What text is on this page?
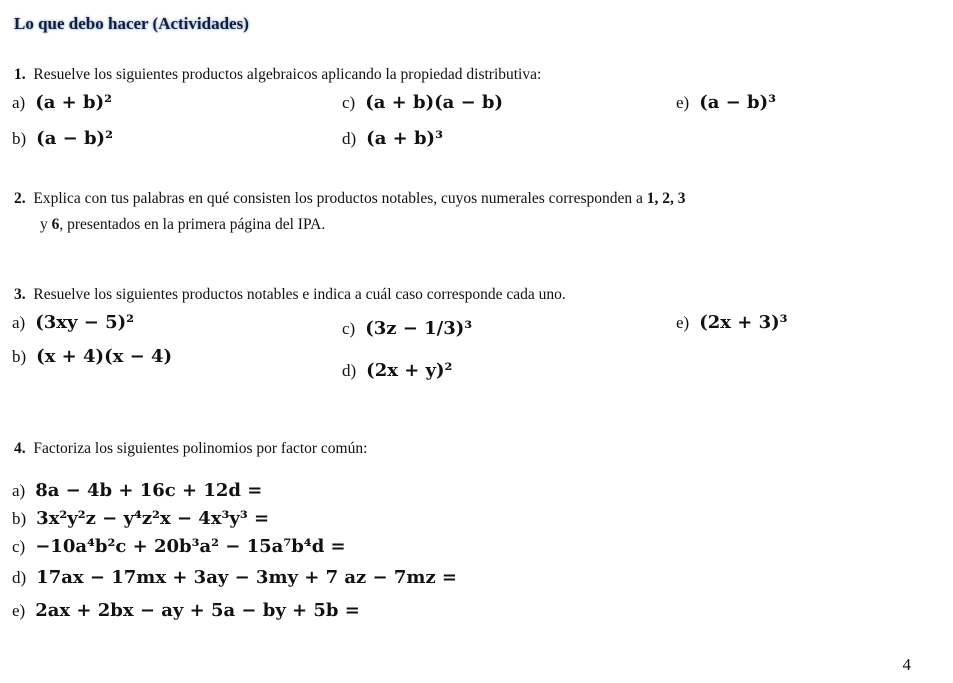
Lo que debo hacer (Actividades)
1. Resuelve los siguientes productos algebraicos aplicando la propiedad distributiva:
a) (a + b)²
b) (a − b)²
c) (a + b)(a − b)
d) (a + b)³
e) (a − b)³
2. Explica con tus palabras en qué consisten los productos notables, cuyos numerales corresponden a 1, 2, 3
y 6, presentados en la primera página del IPA.
3. Resuelve los siguientes productos notables e indica a cuál caso corresponde cada uno.
a) (3xy − 5)²
b) (x + 4)(x − 4)
c) (3z − 1/3)³
d) (2x + y)²
e) (2x + 3)³
4. Factoriza los siguientes polinomios por factor común:
a) 8a − 4b + 16c + 12d =
b) 3x²y²z − y⁴z²x − 4x³y³ =
c) −10a⁴b²c + 20b³a² − 15a⁷b⁴d =
d) 17ax − 17mx + 3ay − 3my + 7 az − 7mz =
e) 2ax + 2bx − ay + 5a − by + 5b =
4
